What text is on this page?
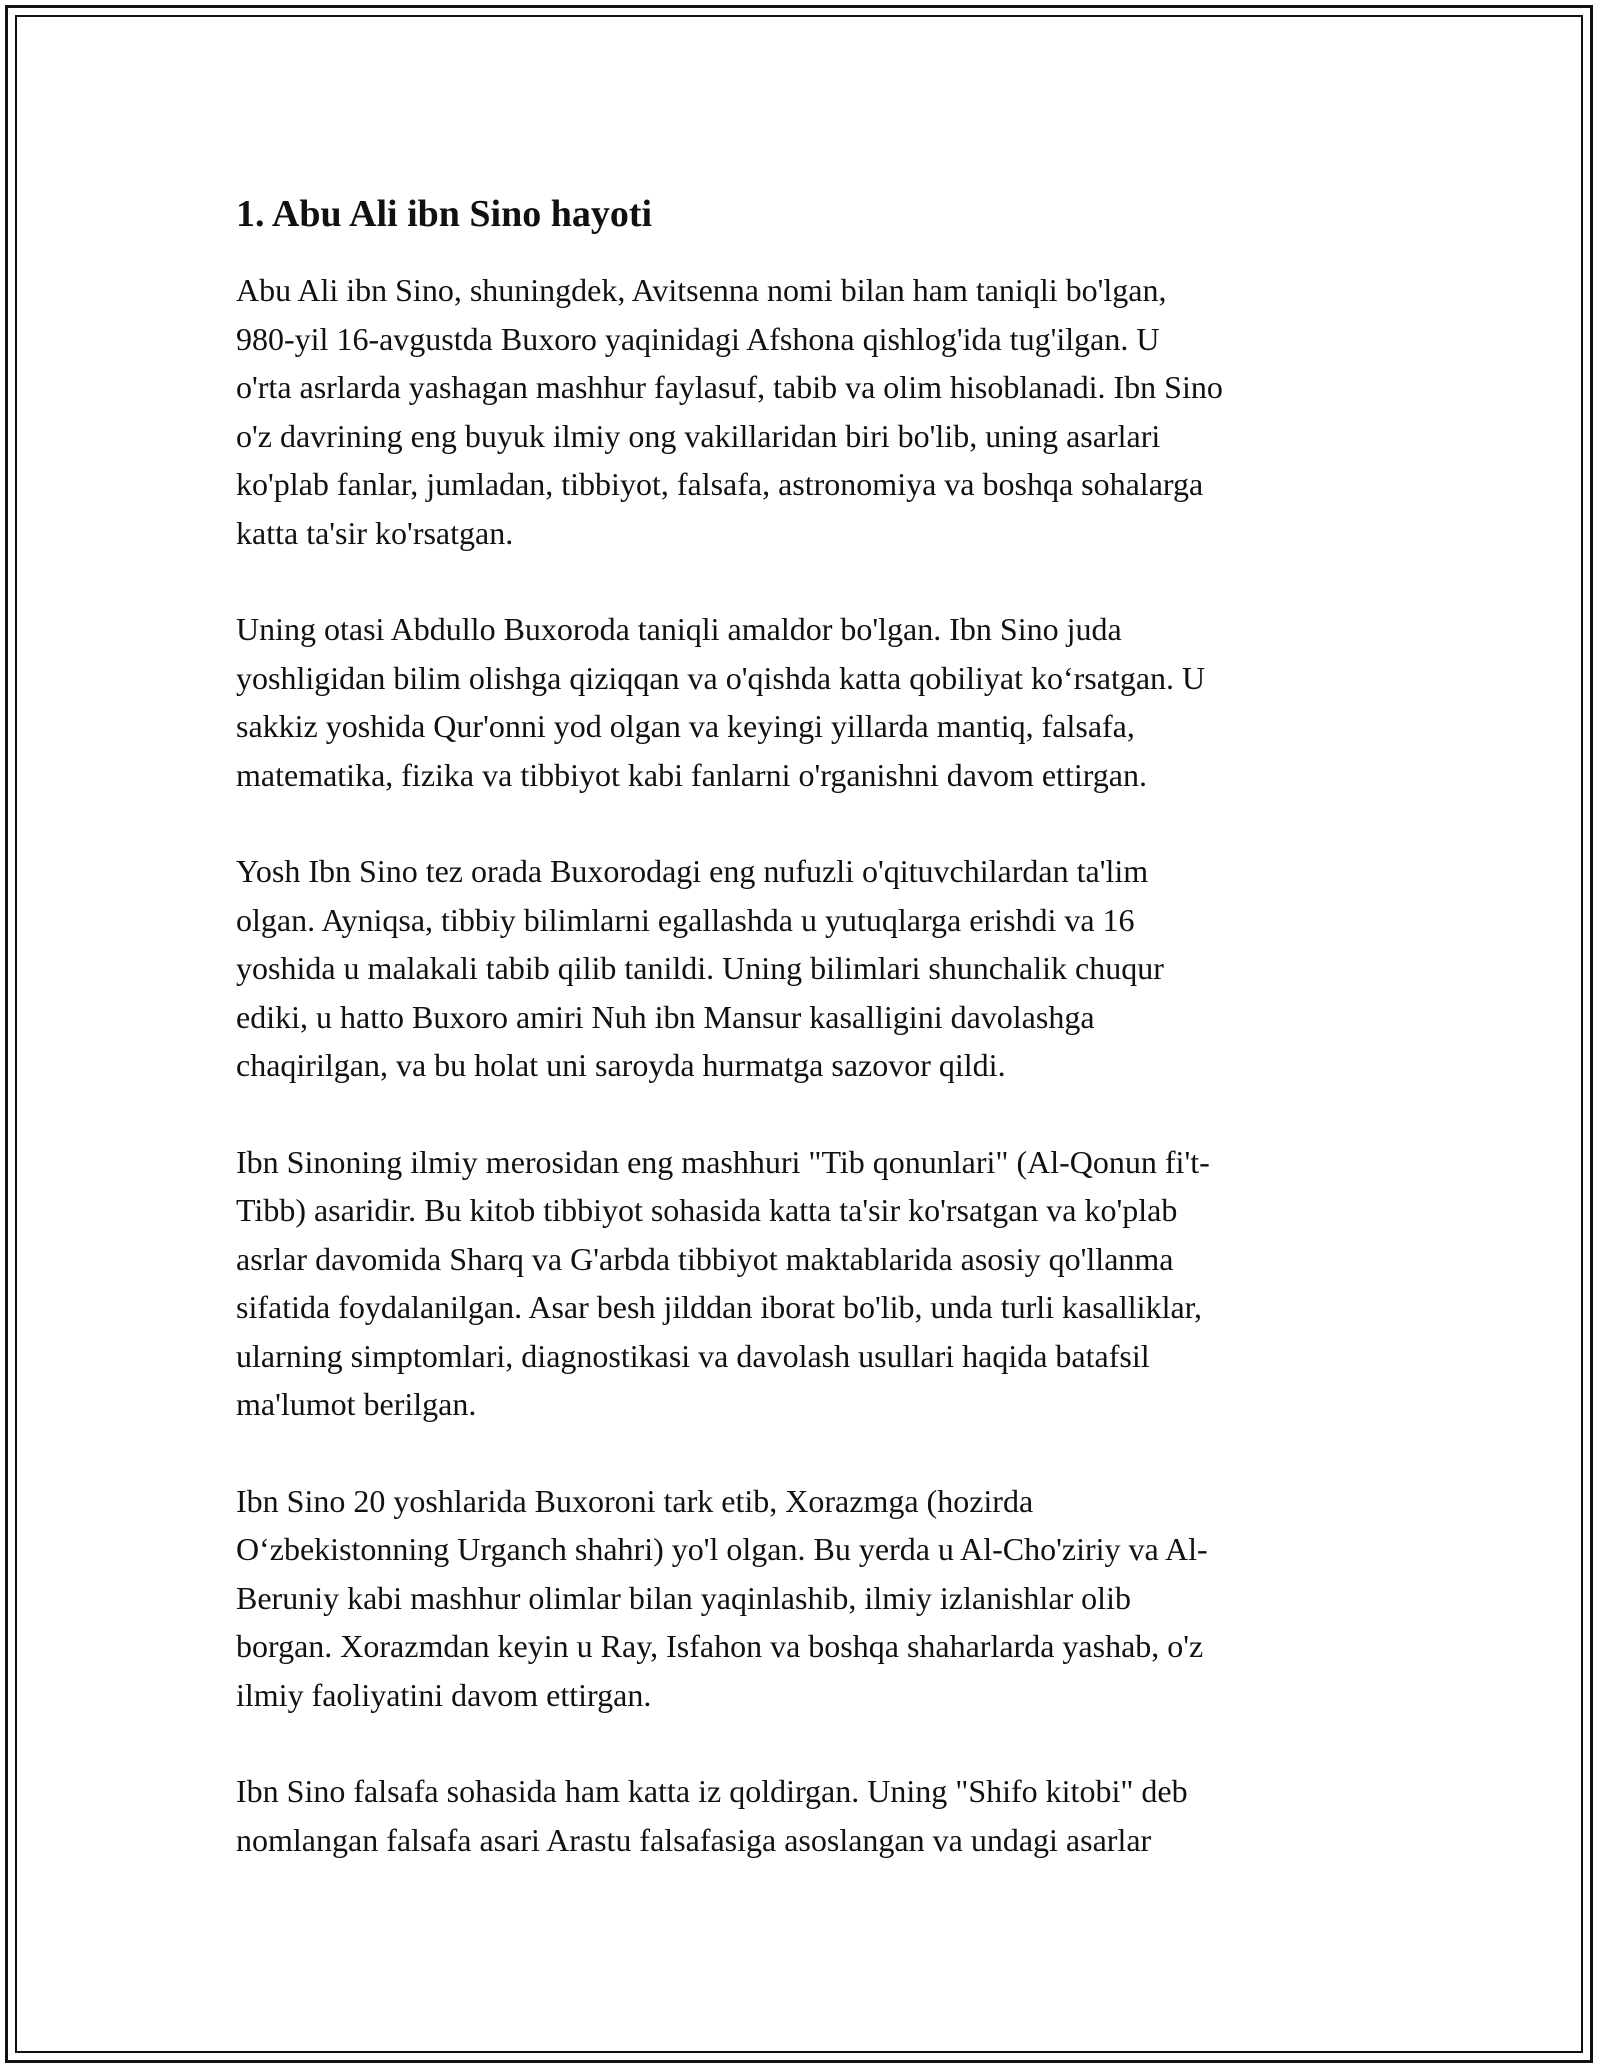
1. Abu Ali ibn Sino hayoti

Abu Ali ibn Sino, shuningdek, Avitsenna nomi bilan ham taniqli bo'lgan,
980-yil 16-avgustda Buxoro yaqinidagi Afshona qishlog'ida tug'ilgan. U
o'rta asrlarda yashagan mashhur faylasuf, tabib va olim hisoblanadi. Ibn Sino
o'z davrining eng buyuk ilmiy ong vakillaridan biri bo'lib, uning asarlari
ko'plab fanlar, jumladan, tibbiyot, falsafa, astronomiya va boshqa sohalarga
katta ta'sir ko'rsatgan.

Uning otasi Abdullo Buxoroda taniqli amaldor bo'lgan. Ibn Sino juda
yoshligidan bilim olishga qiziqqan va o'qishda katta qobiliyat ko‘rsatgan. U
sakkiz yoshida Qur'onni yod olgan va keyingi yillarda mantiq, falsafa,
matematika, fizika va tibbiyot kabi fanlarni o'rganishni davom ettirgan.

Yosh Ibn Sino tez orada Buxorodagi eng nufuzli o'qituvchilardan ta'lim
olgan. Ayniqsa, tibbiy bilimlarni egallashda u yutuqlarga erishdi va 16
yoshida u malakali tabib qilib tanildi. Uning bilimlari shunchalik chuqur
ediki, u hatto Buxoro amiri Nuh ibn Mansur kasalligini davolashga
chaqirilgan, va bu holat uni saroyda hurmatga sazovor qildi.

Ibn Sinoning ilmiy merosidan eng mashhuri "Tib qonunlari" (Al-Qonun fi't-
Tibb) asaridir. Bu kitob tibbiyot sohasida katta ta'sir ko'rsatgan va ko'plab
asrlar davomida Sharq va G'arbda tibbiyot maktablarida asosiy qo'llanma
sifatida foydalanilgan. Asar besh jilddan iborat bo'lib, unda turli kasalliklar,
ularning simptomlari, diagnostikasi va davolash usullari haqida batafsil
ma'lumot berilgan.

Ibn Sino 20 yoshlarida Buxoroni tark etib, Xorazmga (hozirda
O‘zbekistonning Urganch shahri) yo'l olgan. Bu yerda u Al-Cho'ziriy va Al-
Beruniy kabi mashhur olimlar bilan yaqinlashib, ilmiy izlanishlar olib
borgan. Xorazmdan keyin u Ray, Isfahon va boshqa shaharlarda yashab, o'z
ilmiy faoliyatini davom ettirgan.

Ibn Sino falsafa sohasida ham katta iz qoldirgan. Uning "Shifo kitobi" deb
nomlangan falsafa asari Arastu falsafasiga asoslangan va undagi asarlar
